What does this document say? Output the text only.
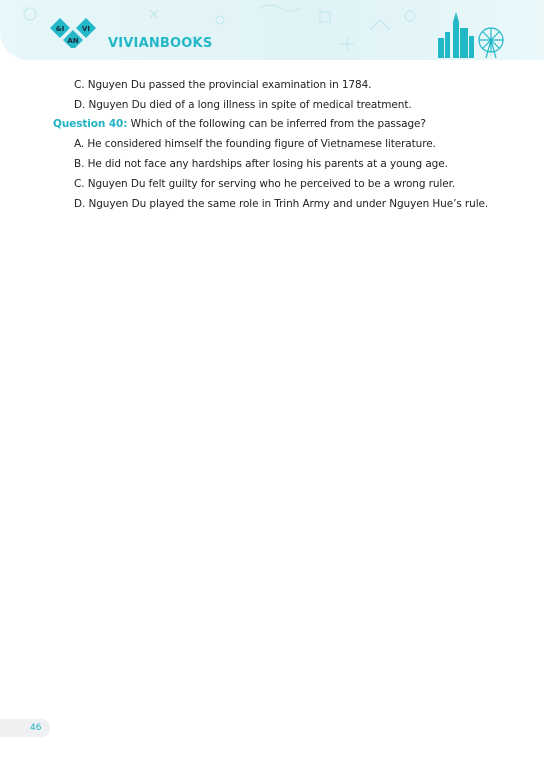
&I	VI
AN VIVIANBOOKS
C. Nguyen Du passed the provincial examination in 1784.
D. Nguyen Du died of a long illness in spite of medical treatment.
Question 40: Which of the following can be inferred from the passage?
A. He considered himself the founding figure of Vietnamese literature.
B. He did not face any hardships after losing his parents at a young age.
C. Nguyen Du felt guilty for serving who he perceived to be a wrong ruler.
D. Nguyen Du played the same role in Trinh Army and under Nguyen Hue’s rule.
46
